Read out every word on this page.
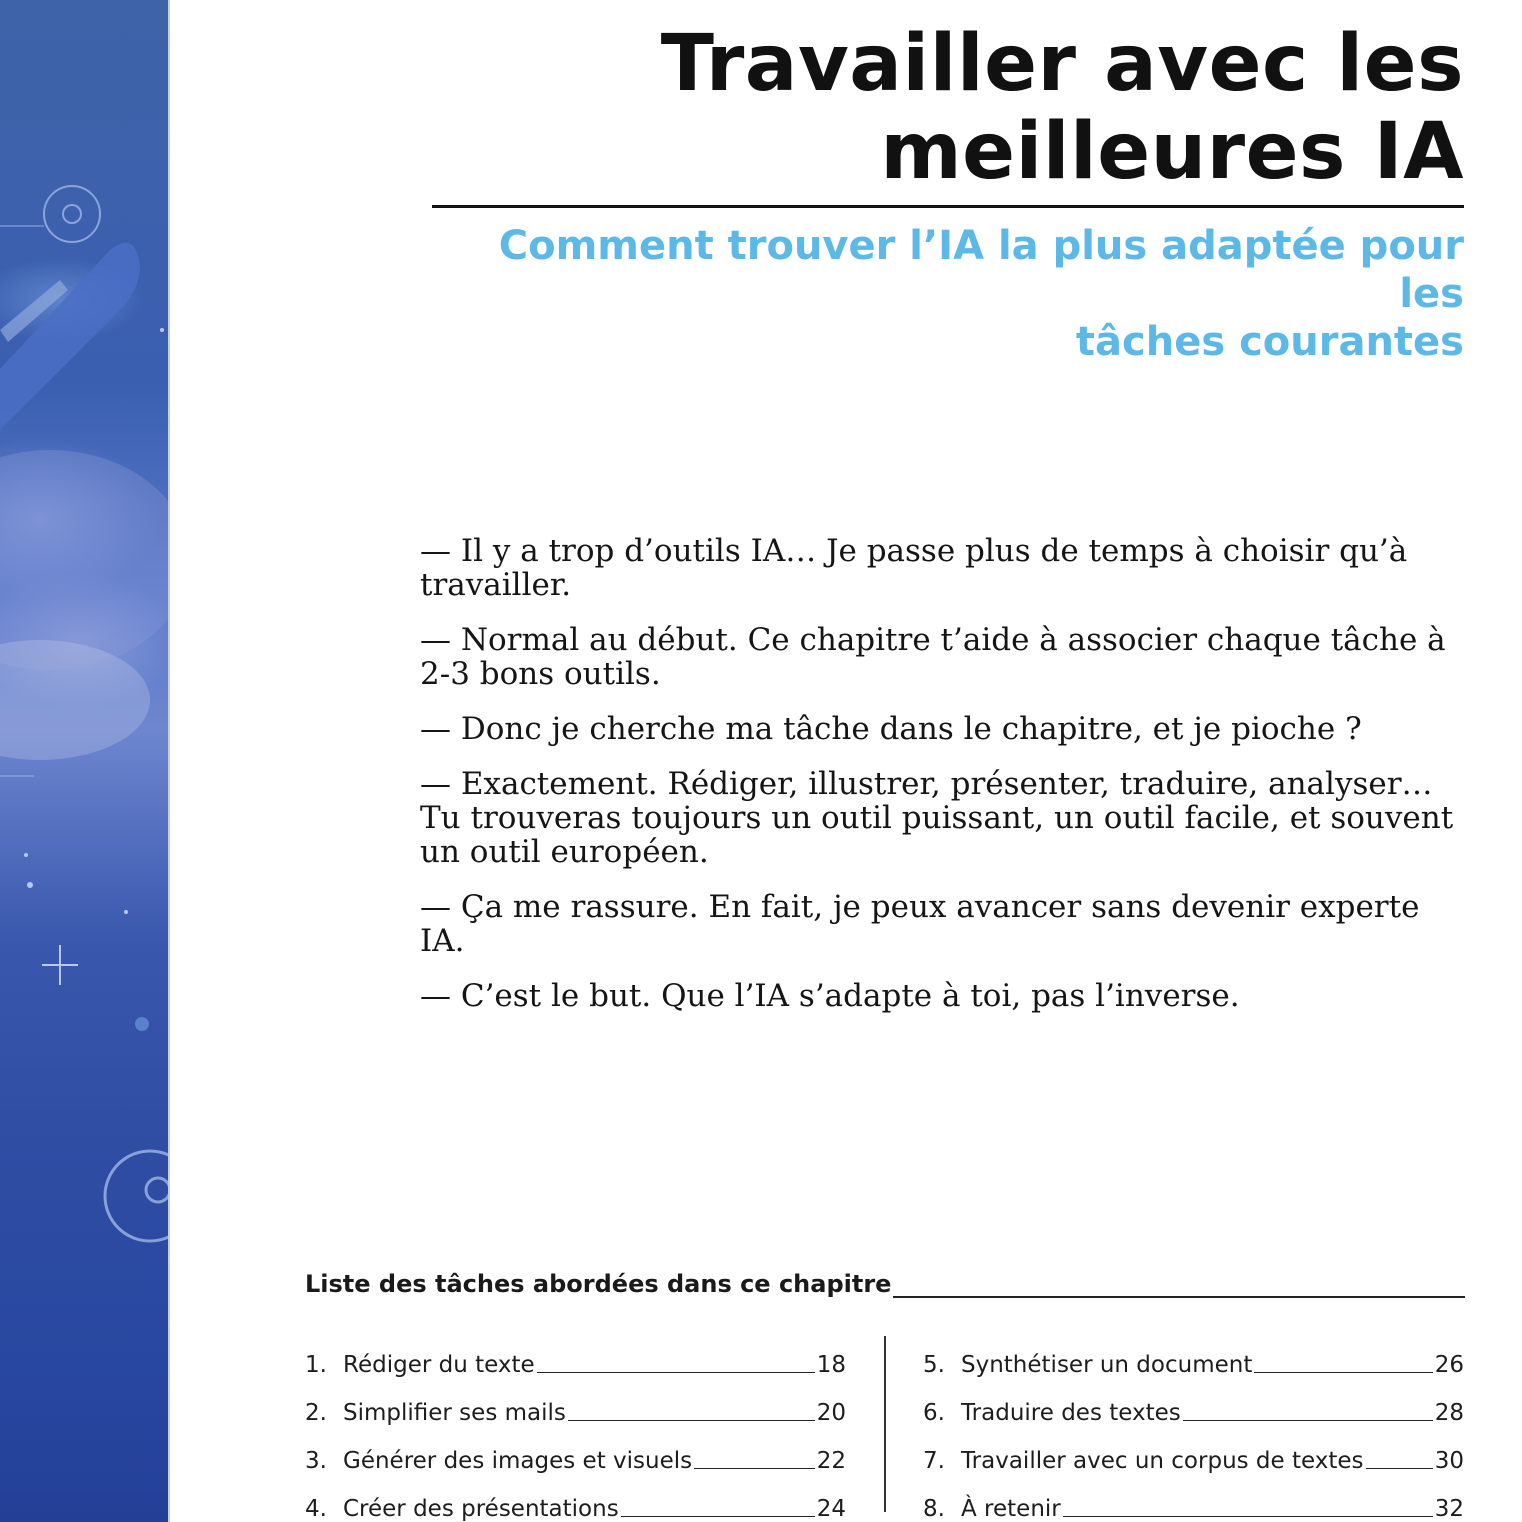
Travailler avec les
meilleures IA
Comment trouver l’IA la plus adaptée pour les
tâches courantes

— Il y a trop d’outils IA… Je passe plus de temps à choisir qu’à travailler.

— Normal au début. Ce chapitre t’aide à associer chaque tâche à 2-3 bons outils.

— Donc je cherche ma tâche dans le chapitre, et je pioche ?

— Exactement. Rédiger, illustrer, présenter, traduire, analyser… Tu trouveras toujours un outil puissant, un outil facile, et souvent un outil européen.

— Ça me rassure. En fait, je peux avancer sans devenir experte IA.

— C’est le but. Que l’IA s’adapte à toi, pas l’inverse.

Liste des tâches abordées dans ce chapitre
1. Rédiger du texte	18
2. Simplifier ses mails	20
3. Générer des images et visuels	22
4. Créer des présentations	24
5. Synthétiser un document	26
6. Traduire des textes	28
7. Travailler avec un corpus de textes	30
8. À retenir	32
